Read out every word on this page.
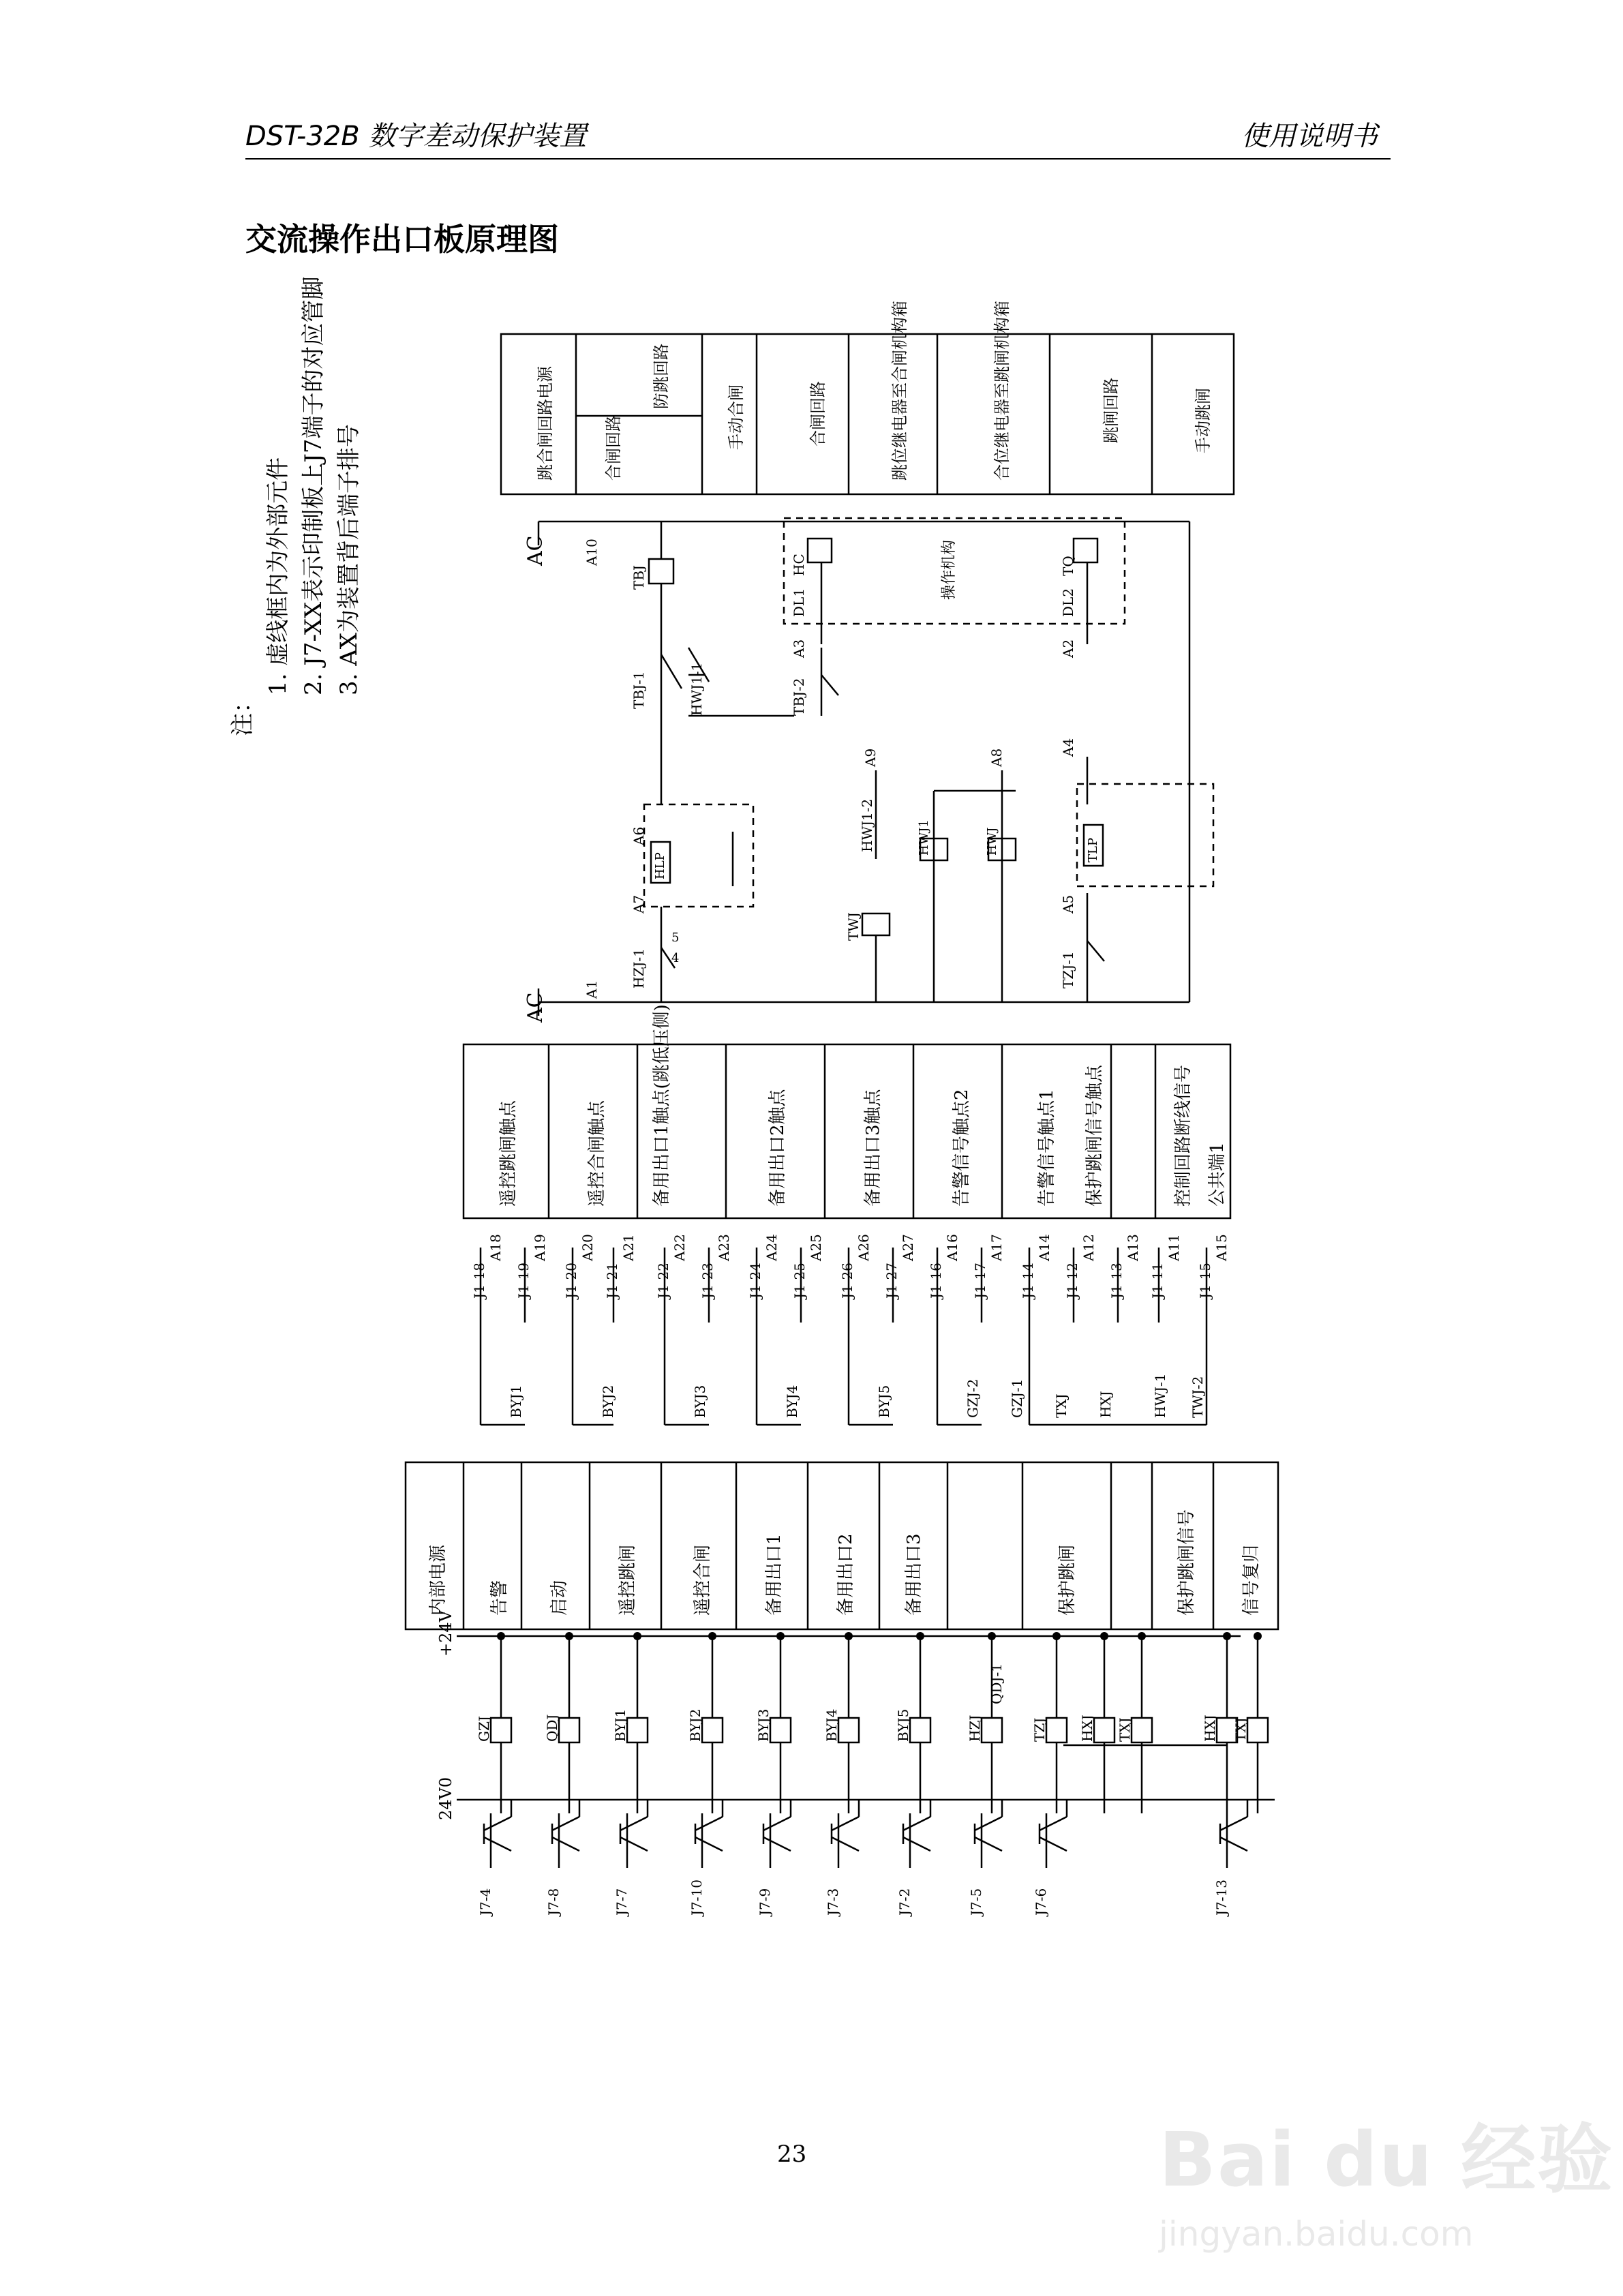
DST-32B 数字差动保护装置	使用说明书
交流操作出口板原理图
注：
1. 虚线框内为外部元件 2. J7-XX表示印制板上J7端子的对应管脚 3. AX为装置背后端子排号
跳合闸回路电源	合闸回路
防跳回路
手动合闸	合闸回路	跳位继电器至合闸机构箱	合位继电器至跳闸机构箱	跳闸回路	手动跳闸
遥控跳闸触点	遥控合闸触点	备用出口1触点(跳低压侧)	备用出口2触点	备用出口3触点	告警信号触点2	告警信号触点1 保护跳闸信号触点	控制回路断线信号 公共端1
内部电源 告警 启动	遥控跳闸	遥控合闸	备用出口1	备用出口2	备用出口3	保护跳闸	保护跳闸信号	信号复归
AC
AC
A10
A1
TBJ
TBJ-1	HWJ1-1
A6
A7
HZJ-1
HLP
HC
DL1
A3
TBJ-2
操作机构	TQ
DL2
A2
A4
A5
TZJ-1
TLP
A9
HWJ1-2
TWJ
HWJ1	HWJ
A8
4
5
+24V
24V0
QDJ-1
J1-18
A18
J1-19
A19
J1-20
A20
J1-21
A21
J1-22
A22
J1-23
A23
J1-24
A24
J1-25
A25
J1-26
A26
J1-27
A27
J1-16
A16
J1-17
A17
J1-14
A14
J1-12
A12
J1-13
A13
J1-11
A11
J1-15
A15
BYJ1	BYJ2	BYJ3	BYJ4	BYJ5	GZJ-2 GZJ-1 TXJ HXJ	HWJ-1 TWJ-2
GZJ	QDJ	BYJ1	BYJ2	BYJ3	BYJ4	BYJ5	HZJ	TZJ HXJ TXJ	HXJ TXJ
J7-4	J7-8	J7-7	J7-10	J7-9	J7-3	J7-2	J7-5	J7-6	J7-13
23	Bai du 经验
jingyan.baidu.com
